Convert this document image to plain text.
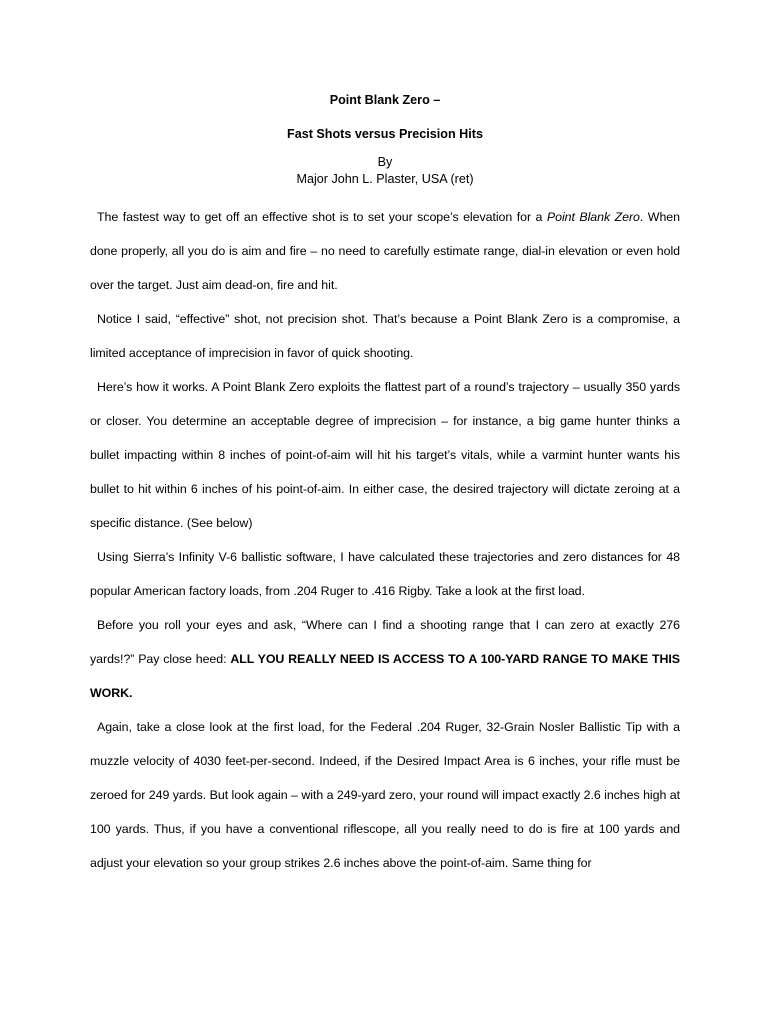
Point Blank Zero –

Fast Shots versus Precision Hits

By
Major John L. Plaster, USA (ret)

The fastest way to get off an effective shot is to set your scope’s elevation for a Point Blank Zero. When done properly, all you do is aim and fire – no need to carefully estimate range, dial-in elevation or even hold over the target. Just aim dead-on, fire and hit.

Notice I said, “effective” shot, not precision shot. That’s because a Point Blank Zero is a compromise, a limited acceptance of imprecision in favor of quick shooting.

Here’s how it works. A Point Blank Zero exploits the flattest part of a round’s trajectory – usually 350 yards or closer. You determine an acceptable degree of imprecision – for instance, a big game hunter thinks a bullet impacting within 8 inches of point-of-aim will hit his target’s vitals, while a varmint hunter wants his bullet to hit within 6 inches of his point-of-aim. In either case, the desired trajectory will dictate zeroing at a specific distance. (See below)

Using Sierra’s Infinity V-6 ballistic software, I have calculated these trajectories and zero distances for 48 popular American factory loads, from .204 Ruger to .416 Rigby. Take a look at the first load.

Before you roll your eyes and ask, “Where can I find a shooting range that I can zero at exactly 276 yards!?” Pay close heed: ALL YOU REALLY NEED IS ACCESS TO A 100-YARD RANGE TO MAKE THIS WORK.

Again, take a close look at the first load, for the Federal .204 Ruger, 32-Grain Nosler Ballistic Tip with a muzzle velocity of 4030 feet-per-second. Indeed, if the Desired Impact Area is 6 inches, your rifle must be zeroed for 249 yards. But look again – with a 249-yard zero, your round will impact exactly 2.6 inches high at 100 yards. Thus, if you have a conventional riflescope, all you really need to do is fire at 100 yards and adjust your elevation so your group strikes 2.6 inches above the point-of-aim. Same thing for
